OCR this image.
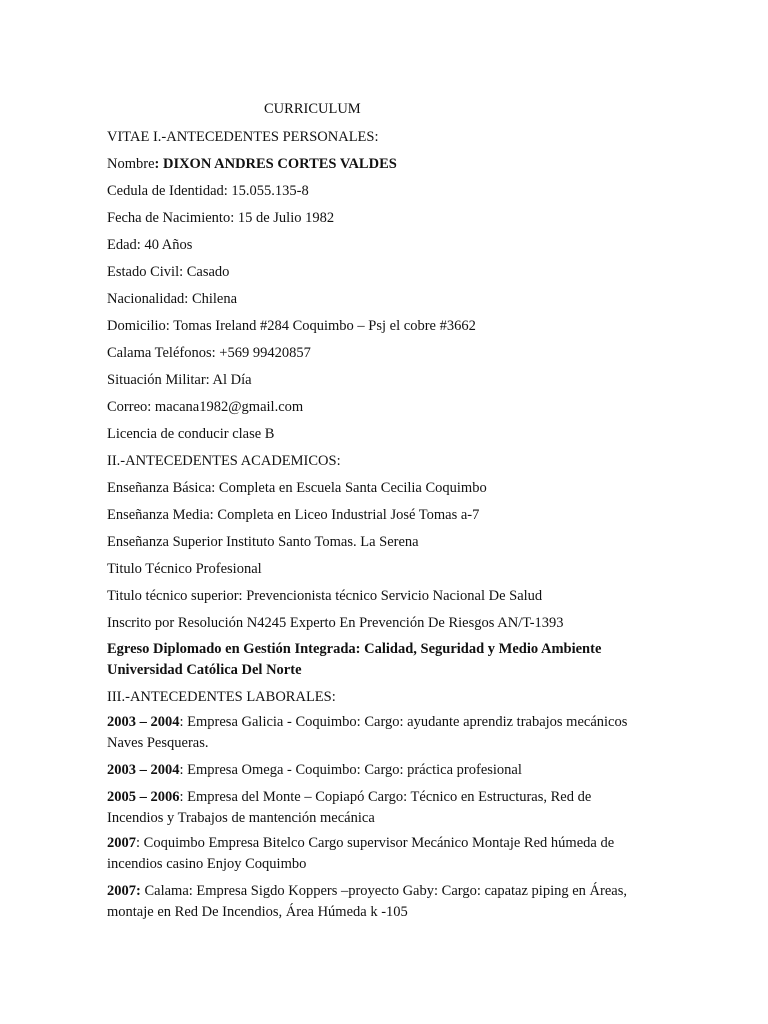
CURRICULUM
VITAE I.-ANTECEDENTES PERSONALES:
Nombre: DIXON ANDRES CORTES VALDES
Cedula de Identidad: 15.055.135-8
Fecha de Nacimiento: 15 de Julio 1982
Edad: 40 Años
Estado Civil: Casado
Nacionalidad: Chilena
Domicilio: Tomas Ireland #284 Coquimbo – Psj el cobre #3662
Calama Teléfonos: +569 99420857
Situación Militar: Al Día
Correo: macana1982@gmail.com
Licencia de conducir clase B
II.-ANTECEDENTES ACADEMICOS:
Enseñanza Básica: Completa en Escuela Santa Cecilia Coquimbo
Enseñanza Media: Completa en Liceo Industrial José Tomas a-7
Enseñanza Superior Instituto Santo Tomas. La Serena
Titulo Técnico Profesional
Titulo técnico superior: Prevencionista técnico Servicio Nacional De Salud
Inscrito por Resolución N4245 Experto En Prevención De Riesgos AN/T-1393
Egreso Diplomado en Gestión Integrada: Calidad, Seguridad y Medio Ambiente
Universidad Católica Del Norte
III.-ANTECEDENTES LABORALES:
2003 – 2004: Empresa Galicia - Coquimbo: Cargo: ayudante aprendiz trabajos mecánicos
Naves Pesqueras.
2003 – 2004: Empresa Omega - Coquimbo: Cargo: práctica profesional
2005 – 2006: Empresa del Monte – Copiapó Cargo: Técnico en Estructuras, Red de
Incendios y Trabajos de mantención mecánica
2007: Coquimbo Empresa Bitelco Cargo supervisor Mecánico Montaje Red húmeda de
incendios casino Enjoy Coquimbo
2007: Calama: Empresa Sigdo Koppers –proyecto Gaby: Cargo: capataz piping en Áreas,
montaje en Red De Incendios, Área Húmeda k -105
